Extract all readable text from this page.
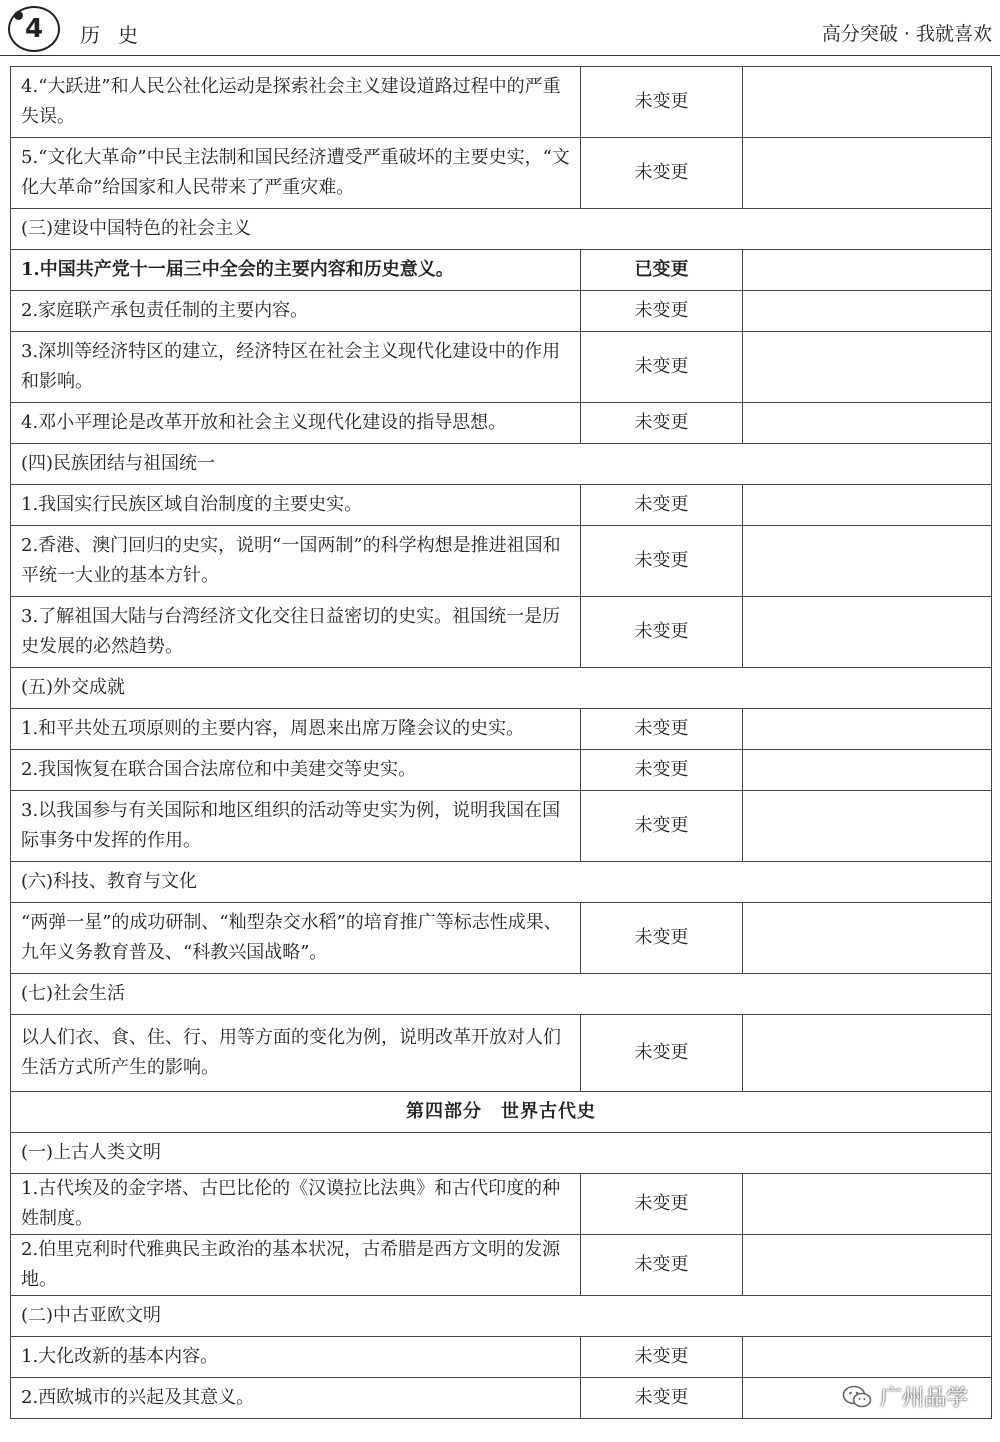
4 历史	高分突破 · 我就喜欢
4.“大跃进”和人民公社化运动是探索社会主义建设道路过程中的严重失误。	未变更	
5.“文化大革命”中民主法制和国民经济遭受严重破坏的主要史实，“文化大革命”给国家和人民带来了严重灾难。	未变更	
(三)建设中国特色的社会主义		
1.中国共产党十一届三中全会的主要内容和历史意义。	已变更	
2.家庭联产承包责任制的主要内容。	未变更	
3.深圳等经济特区的建立，经济特区在社会主义现代化建设中的作用和影响。	未变更	
4.邓小平理论是改革开放和社会主义现代化建设的指导思想。	未变更	
(四)民族团结与祖国统一		
1.我国实行民族区域自治制度的主要史实。	未变更	
2.香港、澳门回归的史实，说明“一国两制”的科学构想是推进祖国和平统一大业的基本方针。	未变更	
3.了解祖国大陆与台湾经济文化交往日益密切的史实。祖国统一是历史发展的必然趋势。	未变更	
(五)外交成就		
1.和平共处五项原则的主要内容，周恩来出席万隆会议的史实。	未变更	
2.我国恢复在联合国合法席位和中美建交等史实。	未变更	
3.以我国参与有关国际和地区组织的活动等史实为例，说明我国在国际事务中发挥的作用。	未变更	
(六)科技、教育与文化		
“两弹一星”的成功研制、“籼型杂交水稻”的培育推广等标志性成果、九年义务教育普及、“科教兴国战略”。	未变更	
(七)社会生活		
以人们衣、食、住、行、用等方面的变化为例，说明改革开放对人们生活方式所产生的影响。	未变更	
第四部分　世界古代史		
(一)上古人类文明		
1.古代埃及的金字塔、古巴比伦的《汉谟拉比法典》和古代印度的种姓制度。	未变更	
2.伯里克利时代雅典民主政治的基本状况，古希腊是西方文明的发源地。	未变更	
(二)中古亚欧文明		
1.大化改新的基本内容。	未变更	
2.西欧城市的兴起及其意义。	未变更		广州品学
